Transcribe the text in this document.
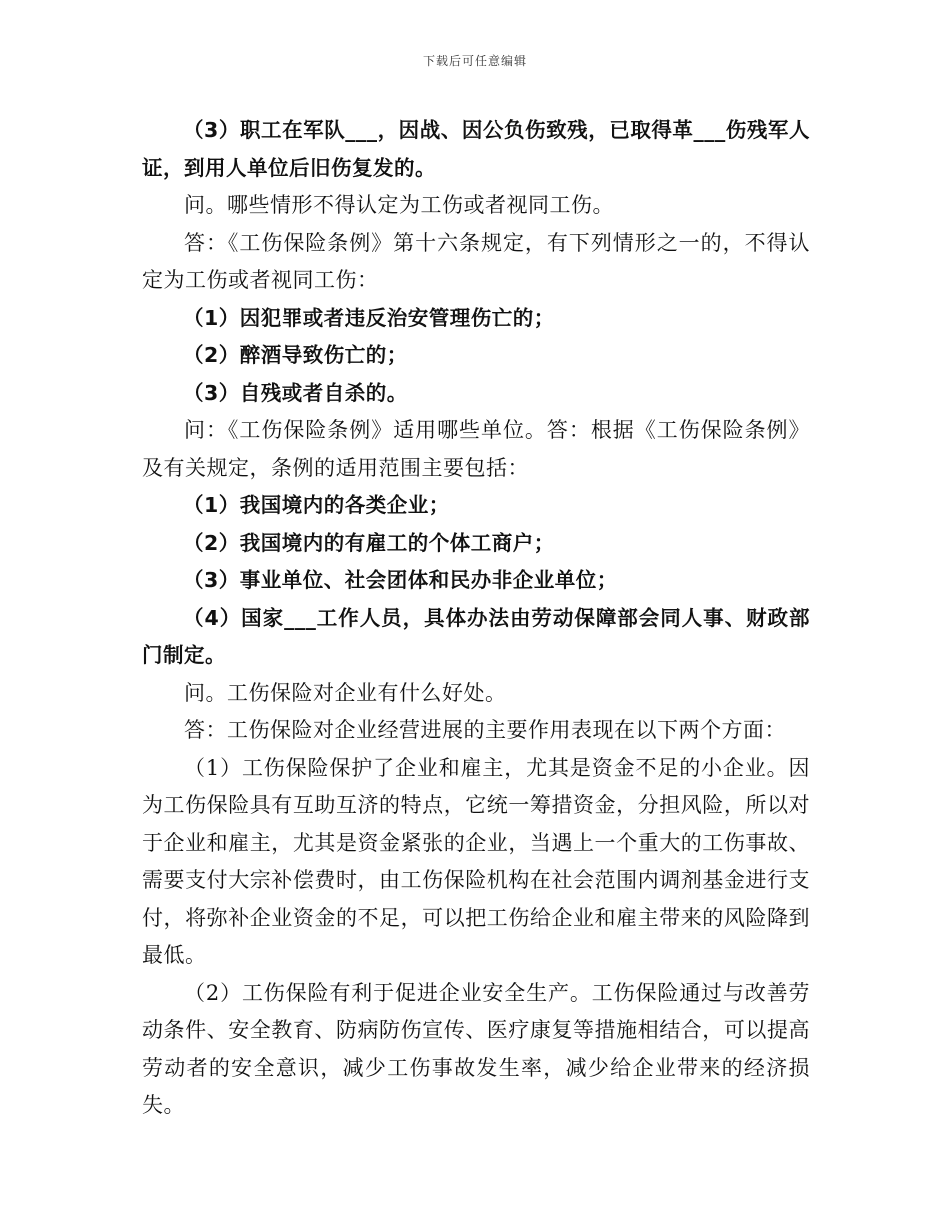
下载后可任意编辑

（3）职工在军队___，因战、因公负伤致残，已取得革___伤残军人证，到用人单位后旧伤复发的。

问。哪些情形不得认定为工伤或者视同工伤。

答：《工伤保险条例》第十六条规定，有下列情形之一的，不得认定为工伤或者视同工伤：

（1）因犯罪或者违反治安管理伤亡的；

（2）醉酒导致伤亡的；

（3）自残或者自杀的。

问：《工伤保险条例》适用哪些单位。答：根据《工伤保险条例》及有关规定，条例的适用范围主要包括：

（1）我国境内的各类企业；

（2）我国境内的有雇工的个体工商户；

（3）事业单位、社会团体和民办非企业单位；

（4）国家___工作人员，具体办法由劳动保障部会同人事、财政部门制定。

问。工伤保险对企业有什么好处。

答：工伤保险对企业经营进展的主要作用表现在以下两个方面：

（1）工伤保险保护了企业和雇主，尤其是资金不足的小企业。因为工伤保险具有互助互济的特点，它统一筹措资金，分担风险，所以对于企业和雇主，尤其是资金紧张的企业，当遇上一个重大的工伤事故、需要支付大宗补偿费时，由工伤保险机构在社会范围内调剂基金进行支付，将弥补企业资金的不足，可以把工伤给企业和雇主带来的风险降到最低。

（2）工伤保险有利于促进企业安全生产。工伤保险通过与改善劳动条件、安全教育、防病防伤宣传、医疗康复等措施相结合，可以提高劳动者的安全意识，减少工伤事故发生率，减少给企业带来的经济损失。
